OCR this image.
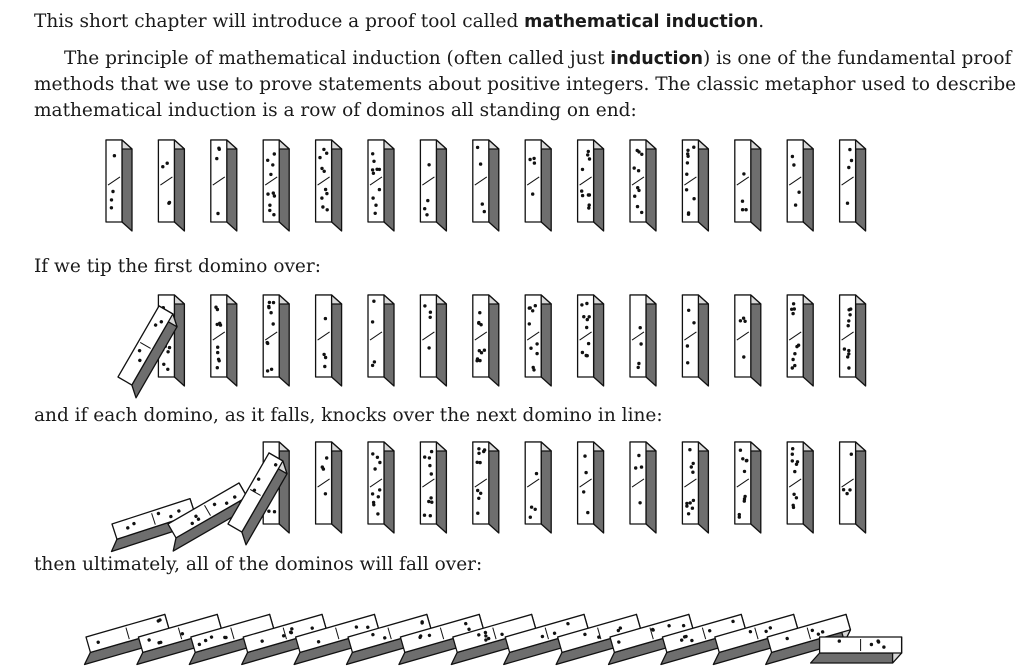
This short chapter will introduce a proof tool called mathematical induction.

The principle of mathematical induction (often called just induction) is one of the fundamental proof

methods that we use to prove statements about positive integers. The classic metaphor used to describe

mathematical induction is a row of dominos all standing on end:

If we tip the first domino over:

and if each domino, as it falls, knocks over the next domino in line:

then ultimately, all of the dominos will fall over:
